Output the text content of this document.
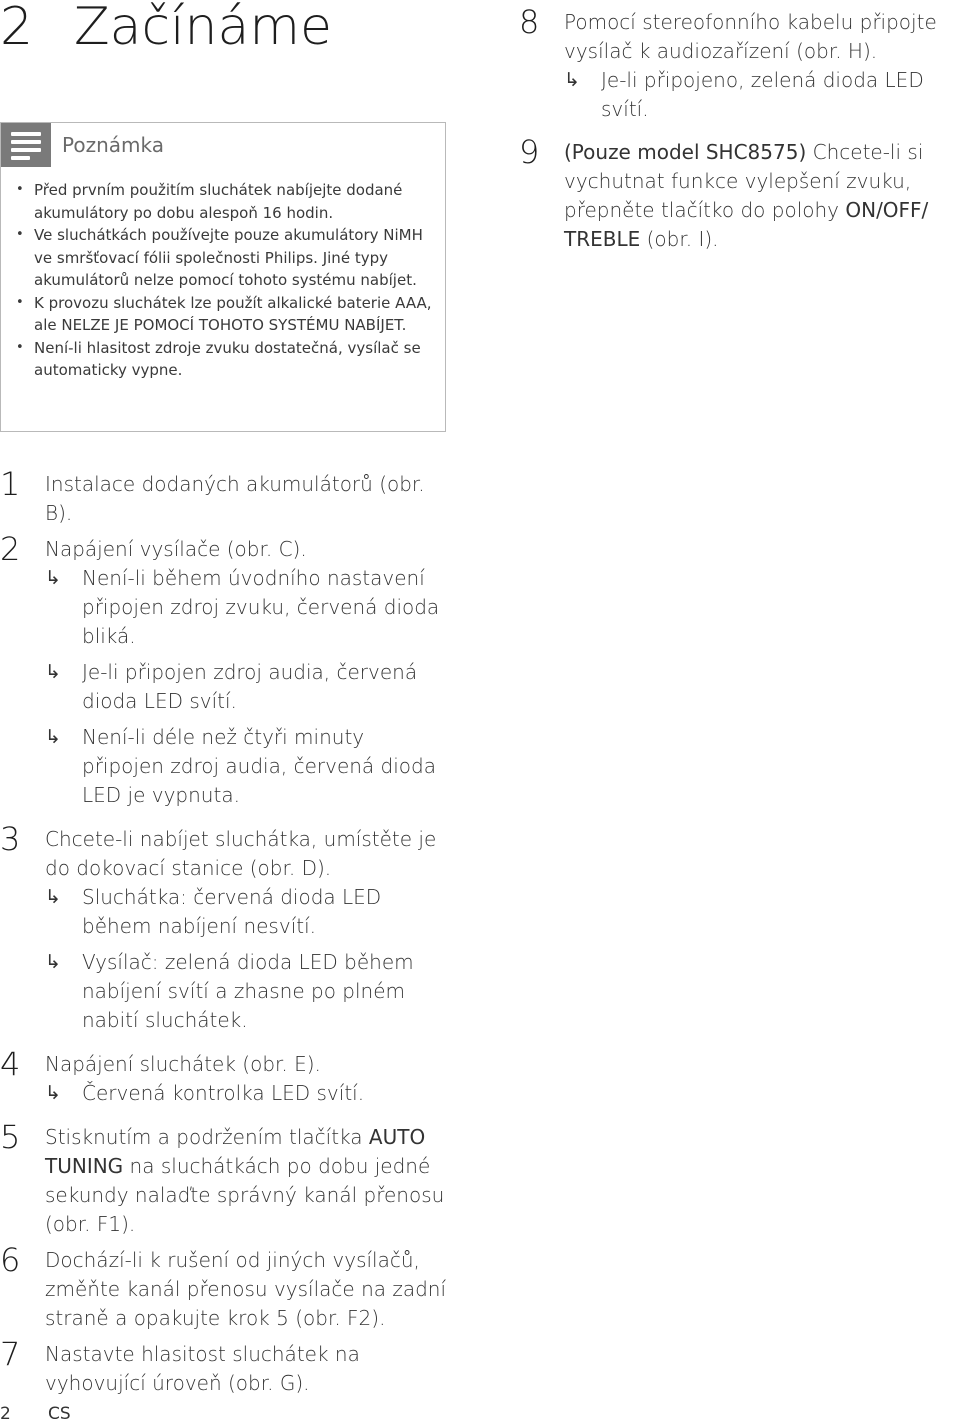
2 Začínáme
Poznámka
• Před prvním použitím sluchátek nabíjejte dodané akumulátory po dobu alespoň 16 hodin.
• Ve sluchátkách používejte pouze akumulátory NiMH ve smršťovací fólii společnosti Philips. Jiné typy akumulátorů nelze pomocí tohoto systému nabíjet.
• K provozu sluchátek lze použít alkalické baterie AAA, ale NELZE JE POMOCÍ TOHOTO SYSTÉMU NABÍJET.
• Není-li hlasitost zdroje zvuku dostatečná, vysílač se automaticky vypne.
1 Instalace dodaných akumulátorů (obr. B).
2 Napájení vysílače (obr. C).
↳ Není-li během úvodního nastavení připojen zdroj zvuku, červená dioda bliká.
↳ Je-li připojen zdroj audia, červená dioda LED svítí.
↳ Není-li déle než čtyři minuty připojen zdroj audia, červená dioda LED je vypnuta.
3 Chcete-li nabíjet sluchátka, umístěte je do dokovací stanice (obr. D).
↳ Sluchátka: červená dioda LED během nabíjení nesvítí.
↳ Vysílač: zelená dioda LED během nabíjení svítí a zhasne po plném nabití sluchátek.
4 Napájení sluchátek (obr. E).
↳ Červená kontrolka LED svítí.
5 Stisknutím a podržením tlačítka AUTO TUNING na sluchátkách po dobu jedné sekundy nalaďte správný kanál přenosu (obr. F1).
6 Dochází-li k rušení od jiných vysílačů, změňte kanál přenosu vysílače na zadní straně a opakujte krok 5 (obr. F2).
7 Nastavte hlasitost sluchátek na vyhovující úroveň (obr. G).
8 Pomocí stereofonního kabelu připojte vysílač k audiozařízení (obr. H).
↳ Je-li připojeno, zelená dioda LED svítí.
9 (Pouze model SHC8575) Chcete-li si vychutnat funkce vylepšení zvuku, přepněte tlačítko do polohy ON/OFF/ TREBLE (obr. I).
2 CS
